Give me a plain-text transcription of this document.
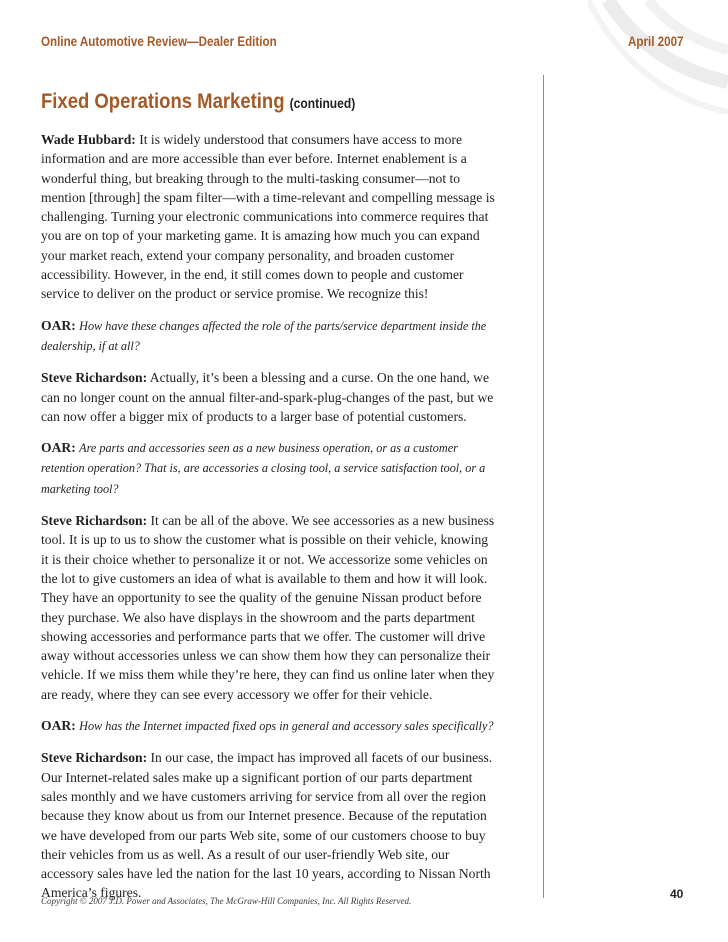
Online Automotive Review—Dealer Edition	April 2007
Fixed Operations Marketing (continued)

Wade Hubbard: It is widely understood that consumers have access to more information and are more accessible than ever before. Internet enablement is a wonderful thing, but breaking through to the multi-tasking consumer—not to mention [through] the spam filter—with a time-relevant and compelling message is challenging. Turning your electronic communications into commerce requires that you are on top of your marketing game. It is amazing how much you can expand your market reach, extend your company personality, and broaden customer accessibility. However, in the end, it still comes down to people and customer service to deliver on the product or service promise. We recognize this!

OAR: How have these changes affected the role of the parts/service department inside the dealership, if at all?

Steve Richardson: Actually, it’s been a blessing and a curse. On the one hand, we can no longer count on the annual filter-and-spark-plug-changes of the past, but we can now offer a bigger mix of products to a larger base of potential customers.

OAR: Are parts and accessories seen as a new business operation, or as a customer retention operation? That is, are accessories a closing tool, a service satisfaction tool, or a marketing tool?

Steve Richardson: It can be all of the above. We see accessories as a new business tool. It is up to us to show the customer what is possible on their vehicle, knowing it is their choice whether to personalize it or not. We accessorize some vehicles on the lot to give customers an idea of what is available to them and how it will look. They have an opportunity to see the quality of the genuine Nissan product before they purchase. We also have displays in the showroom and the parts department showing accessories and performance parts that we offer. The customer will drive away without accessories unless we can show them how they can personalize their vehicle. If we miss them while they’re here, they can find us online later when they are ready, where they can see every accessory we offer for their vehicle.

OAR: How has the Internet impacted fixed ops in general and accessory sales specifically?

Steve Richardson: In our case, the impact has improved all facets of our business. Our Internet-related sales make up a significant portion of our parts department sales monthly and we have customers arriving for service from all over the region because they know about us from our Internet presence. Because of the reputation we have developed from our parts Web site, some of our customers choose to buy their vehicles from us as well. As a result of our user-friendly Web site, our accessory sales have led the nation for the last 10 years, according to Nissan North America’s figures.

Copyright © 2007 J.D. Power and Associates, The McGraw-Hill Companies, Inc. All Rights Reserved.	40
